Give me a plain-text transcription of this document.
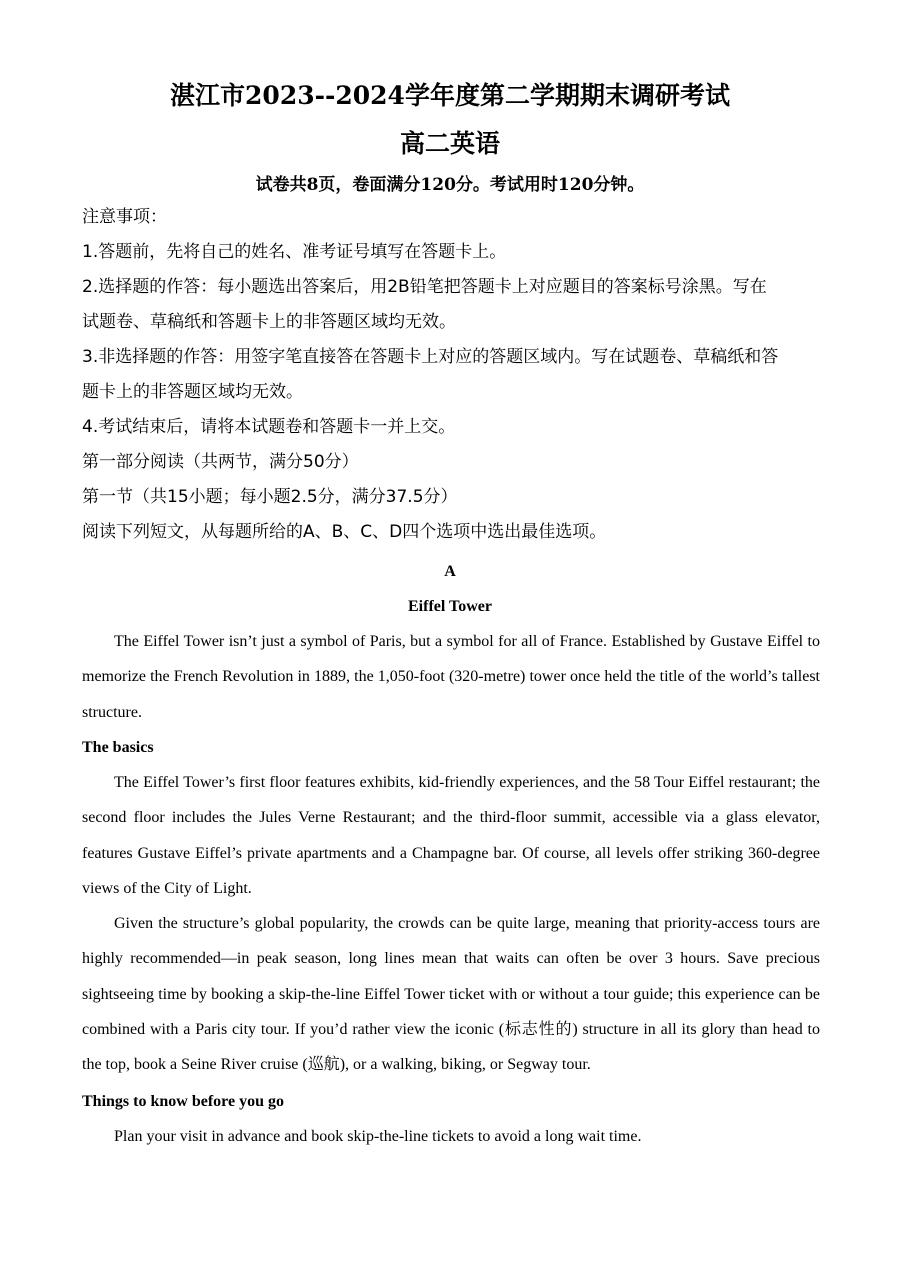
湛江市2023--2024学年度第二学期期末调研考试
高二英语
试卷共8页，卷面满分120分。考试用时120分钟。
注意事项：
1.答题前，先将自己的姓名、准考证号填写在答题卡上。
2.选择题的作答：每小题选出答案后，用2B铅笔把答题卡上对应题目的答案标号涂黑。写在
试题卷、草稿纸和答题卡上的非答题区域均无效。
3.非选择题的作答：用签字笔直接答在答题卡上对应的答题区域内。写在试题卷、草稿纸和答
题卡上的非答题区域均无效。
4.考试结束后，请将本试题卷和答题卡一并上交。
第一部分阅读（共两节，满分50分）
第一节（共15小题；每小题2.5分，满分37.5分）
阅读下列短文，从每题所给的A、B、C、D四个选项中选出最佳选项。
A
Eiffel Tower

The Eiffel Tower isn’t just a symbol of Paris, but a symbol for all of France. Established by Gustave Eiffel to memorize the French Revolution in 1889, the 1,050-foot (320-metre) tower once held the title of the world’s tallest structure.

The basics

The Eiffel Tower’s first floor features exhibits, kid-friendly experiences, and the 58 Tour Eiffel restaurant; the second floor includes the Jules Verne Restaurant; and the third-floor summit, accessible via a glass elevator, features Gustave Eiffel’s private apartments and a Champagne bar. Of course, all levels offer striking 360-degree views of the City of Light.

Given the structure’s global popularity, the crowds can be quite large, meaning that priority-access tours are highly recommended—in peak season, long lines mean that waits can often be over 3 hours. Save precious sightseeing time by booking a skip-the-line Eiffel Tower ticket with or without a tour guide; this experience can be combined with a Paris city tour. If you’d rather view the iconic (标志性的) structure in all its glory than head to the top, book a Seine River cruise (巡航), or a walking, biking, or Segway tour.

Things to know before you go

Plan your visit in advance and book skip-the-line tickets to avoid a long wait time.
